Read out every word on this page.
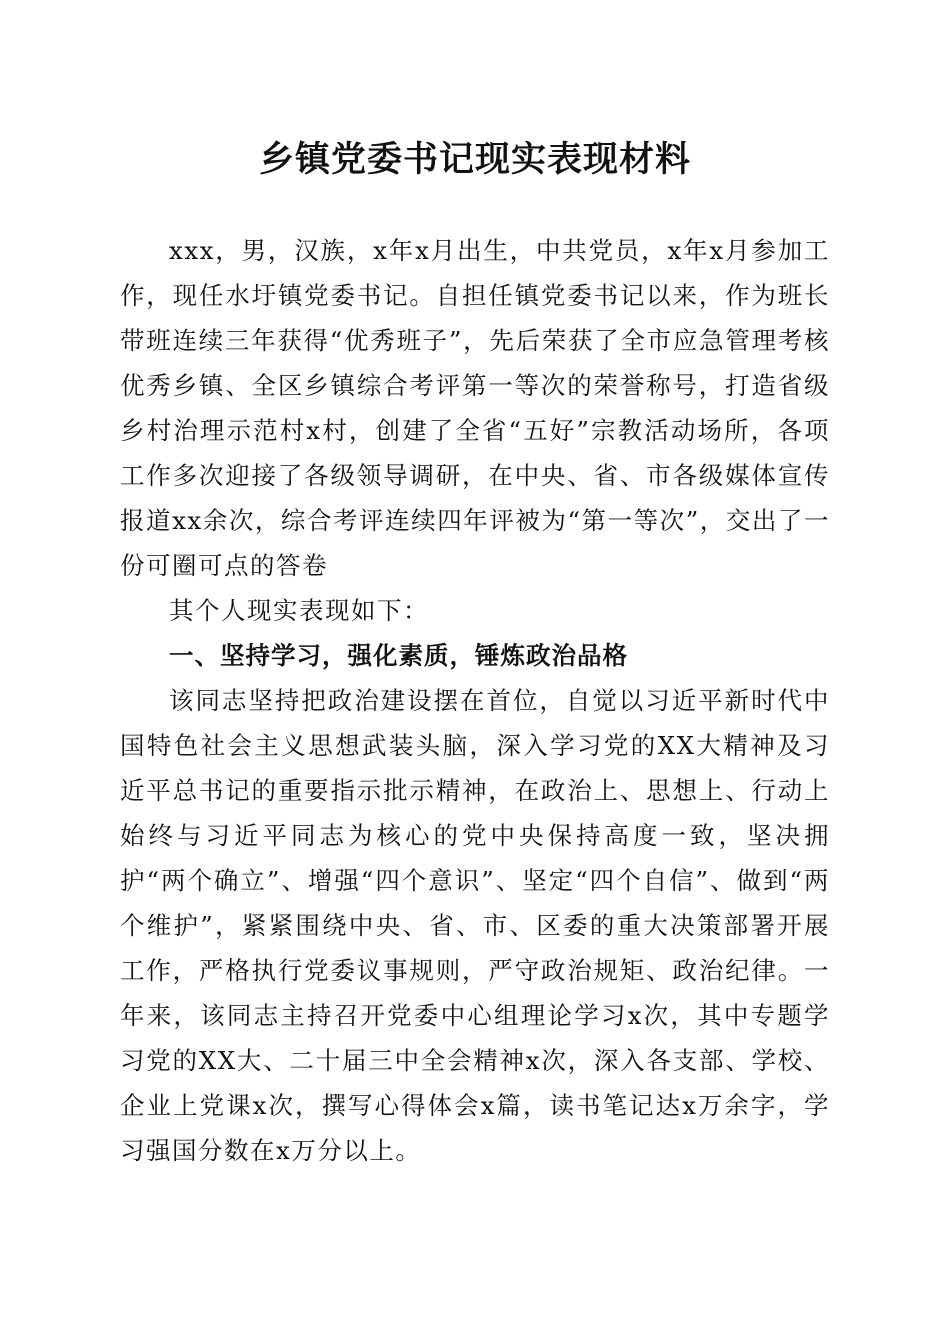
乡镇党委书记现实表现材料

xxx，男，汉族，x年x月出生，中共党员，x年x月参加工作，现任水圩镇党委书记。自担任镇党委书记以来，作为班长带班连续三年获得“优秀班子”，先后荣获了全市应急管理考核优秀乡镇、全区乡镇综合考评第一等次的荣誉称号，打造省级乡村治理示范村x村，创建了全省“五好”宗教活动场所，各项工作多次迎接了各级领导调研，在中央、省、市各级媒体宣传报道xx余次，综合考评连续四年评被为“第一等次”，交出了一份可圈可点的答卷

其个人现实表现如下：

一、坚持学习，强化素质，锤炼政治品格

该同志坚持把政治建设摆在首位，自觉以习近平新时代中国特色社会主义思想武装头脑，深入学习党的XX大精神及习近平总书记的重要指示批示精神，在政治上、思想上、行动上始终与习近平同志为核心的党中央保持高度一致，坚决拥护“两个确立”、增强“四个意识”、坚定“四个自信”、做到“两个维护”，紧紧围绕中央、省、市、区委的重大决策部署开展工作，严格执行党委议事规则，严守政治规矩、政治纪律。一年来，该同志主持召开党委中心组理论学习x次，其中专题学习党的XX大、二十届三中全会精神x次，深入各支部、学校、企业上党课x次，撰写心得体会x篇，读书笔记达x万余字，学习强国分数在x万分以上。
